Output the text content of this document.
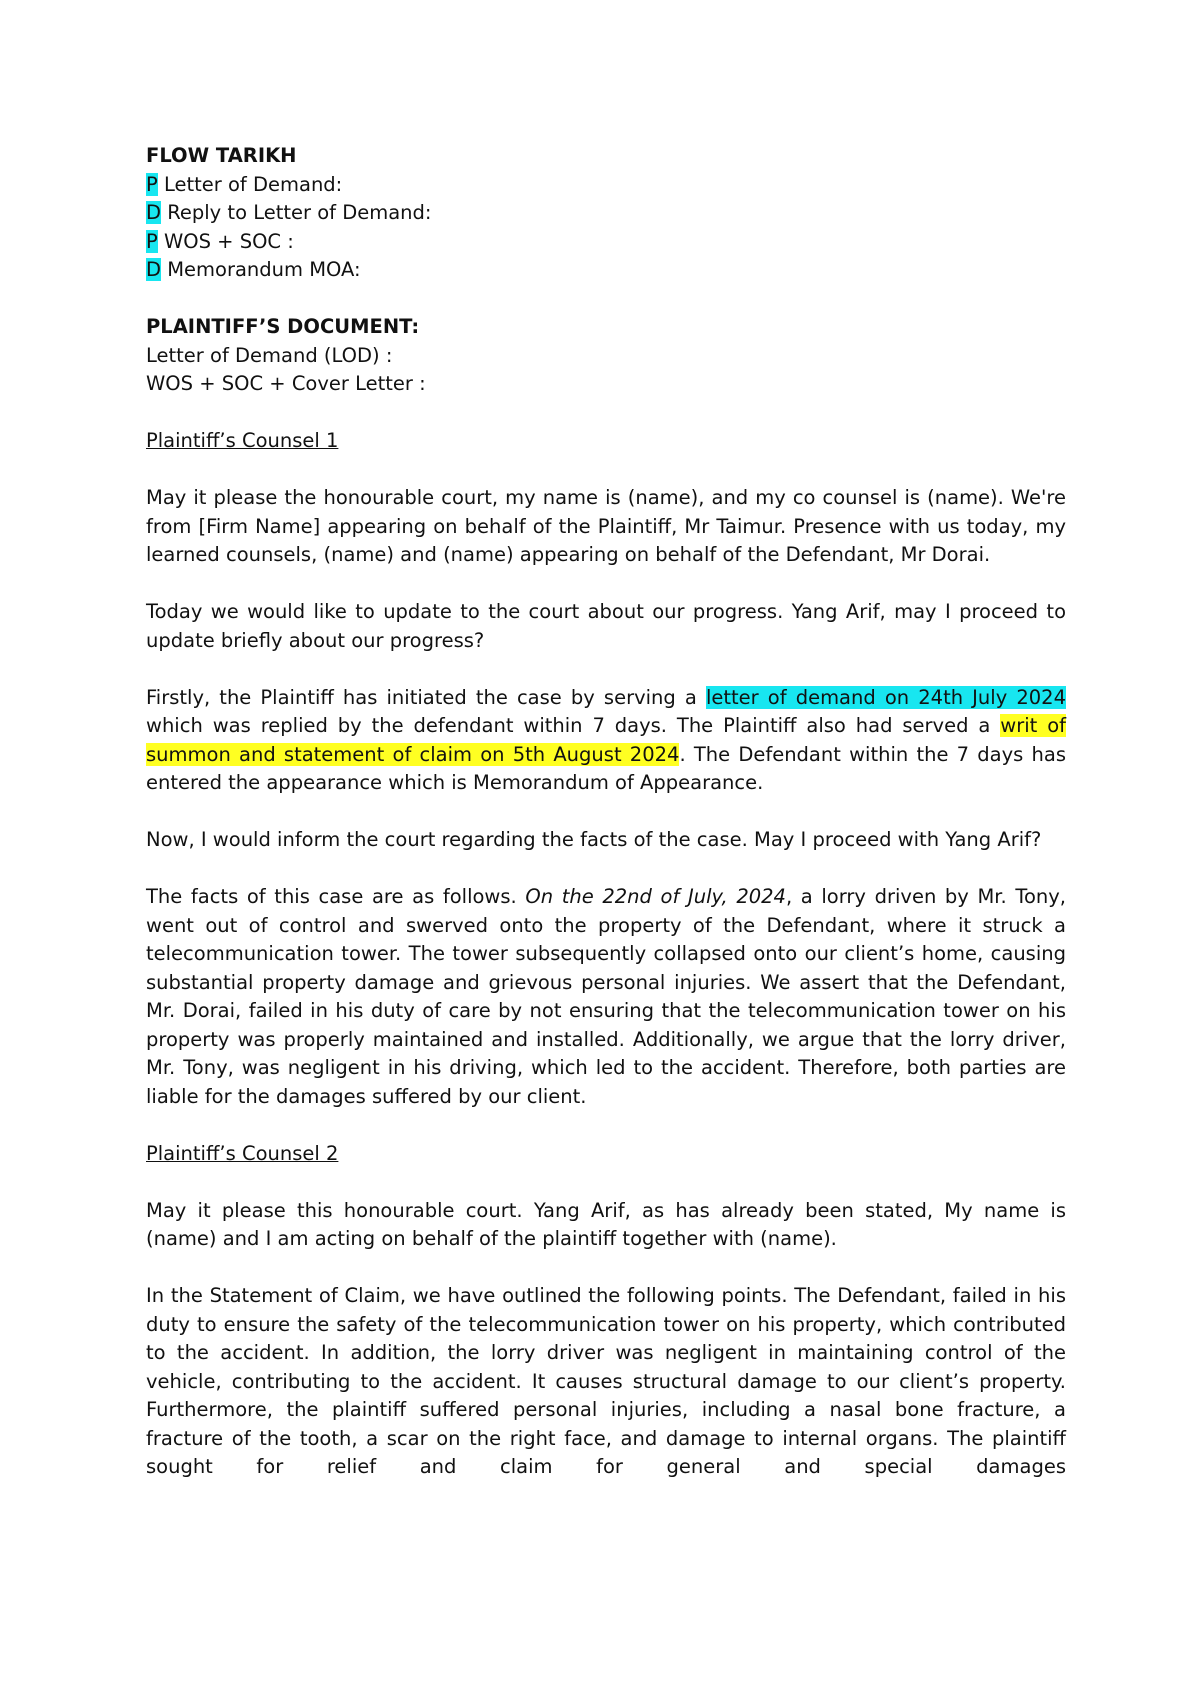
FLOW TARIKH
P Letter of Demand:
D Reply to Letter of Demand:
P WOS + SOC :
D Memorandum MOA:
PLAINTIFF’S DOCUMENT:
Letter of Demand (LOD) :
WOS + SOC + Cover Letter :
Plaintiff’s Counsel 1

May it please the honourable court, my name is (name), and my co counsel is (name). We're from [Firm Name] appearing on behalf of the Plaintiff, Mr Taimur. Presence with us today, my learned counsels, (name) and (name) appearing on behalf of the Defendant, Mr Dorai.

Today we would like to update to the court about our progress. Yang Arif, may I proceed to update briefly about our progress?

Firstly, the Plaintiff has initiated the case by serving a letter of demand on 24th July 2024 which was replied by the defendant within 7 days. The Plaintiff also had served a writ of summon and statement of claim on 5th August 2024. The Defendant within the 7 days has entered the appearance which is Memorandum of Appearance.

Now, I would inform the court regarding the facts of the case. May I proceed with Yang Arif?

The facts of this case are as follows. On the 22nd of July, 2024, a lorry driven by Mr. Tony, went out of control and swerved onto the property of the Defendant, where it struck a telecommunication tower. The tower subsequently collapsed onto our client’s home, causing substantial property damage and grievous personal injuries. We assert that the Defendant, Mr. Dorai, failed in his duty of care by not ensuring that the telecommunication tower on his property was properly maintained and installed. Additionally, we argue that the lorry driver, Mr. Tony, was negligent in his driving, which led to the accident. Therefore, both parties are liable for the damages suffered by our client.

Plaintiff’s Counsel 2

May it please this honourable court. Yang Arif, as has already been stated, My name is (name) and I am acting on behalf of the plaintiff together with (name).

In the Statement of Claim, we have outlined the following points. The Defendant, failed in his duty to ensure the safety of the telecommunication tower on his property, which contributed to the accident. In addition, the lorry driver was negligent in maintaining control of the vehicle, contributing to the accident. It causes structural damage to our client’s property. Furthermore, the plaintiff suffered personal injuries, including a nasal bone fracture, a fracture of the tooth, a scar on the right face, and damage to internal organs. The plaintiff sought for relief and claim for general and special damages
